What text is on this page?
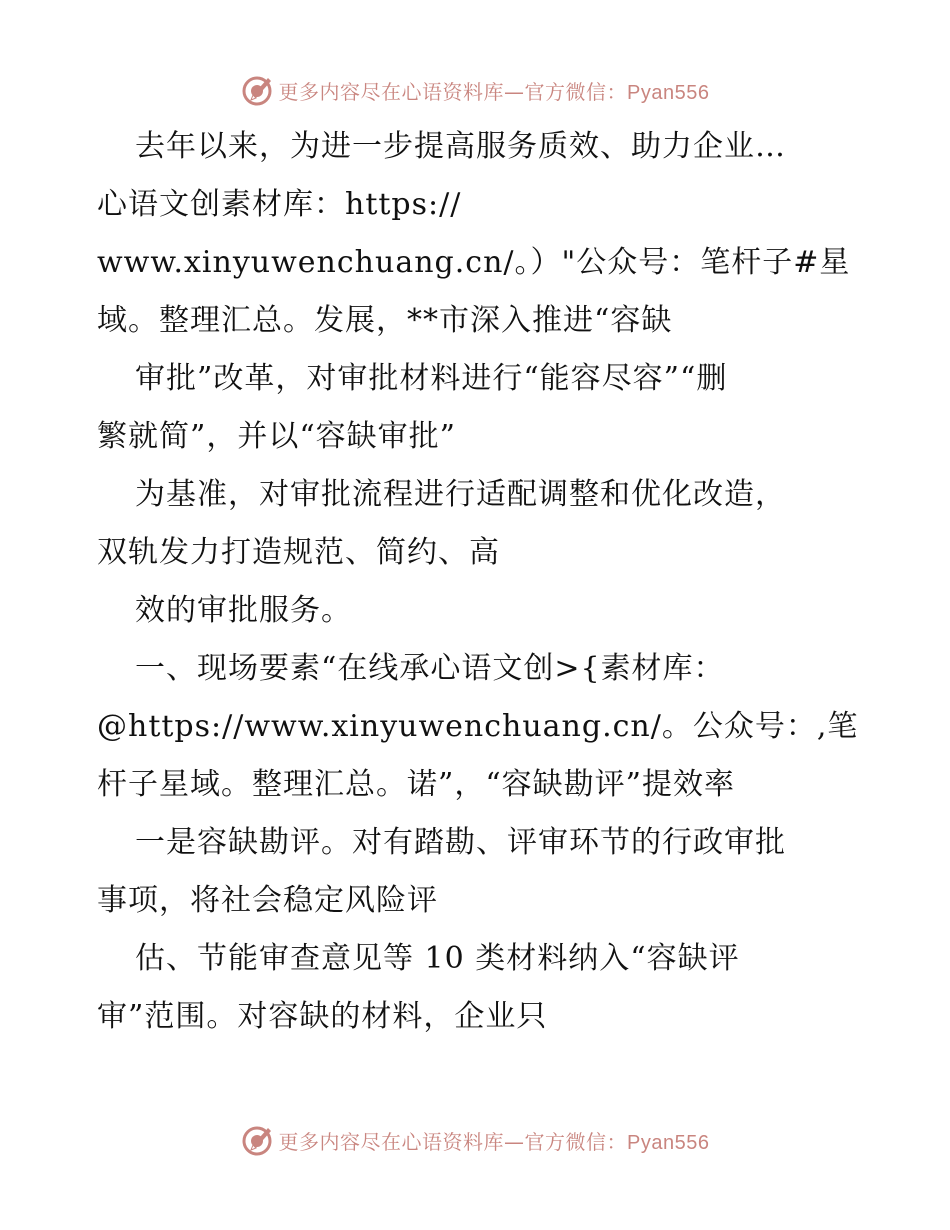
更多内容尽在心语资料库—官方微信：Pyan556
去年以来，为进一步提高服务质效、助力企业…
心语文创素材库：https://
www.xinyuwenchuang.cn/。）"公众号：笔杆子#星
域。整理汇总。发展，**市深入推进“容缺
审批”改革，对审批材料进行“能容尽容”“删
繁就简”，并以“容缺审批”
为基准，对审批流程进行适配调整和优化改造，
双轨发力打造规范、简约、高
效的审批服务。
一、现场要素“在线承心语文创>{素材库：
@https://www.xinyuwenchuang.cn/。公众号：,笔
杆子星域。整理汇总。诺”，“容缺勘评”提效率
一是容缺勘评。对有踏勘、评审环节的行政审批
事项，将社会稳定风险评
估、节能审查意见等 10 类材料纳入“容缺评
审”范围。对容缺的材料，企业只
更多内容尽在心语资料库—官方微信：Pyan556
